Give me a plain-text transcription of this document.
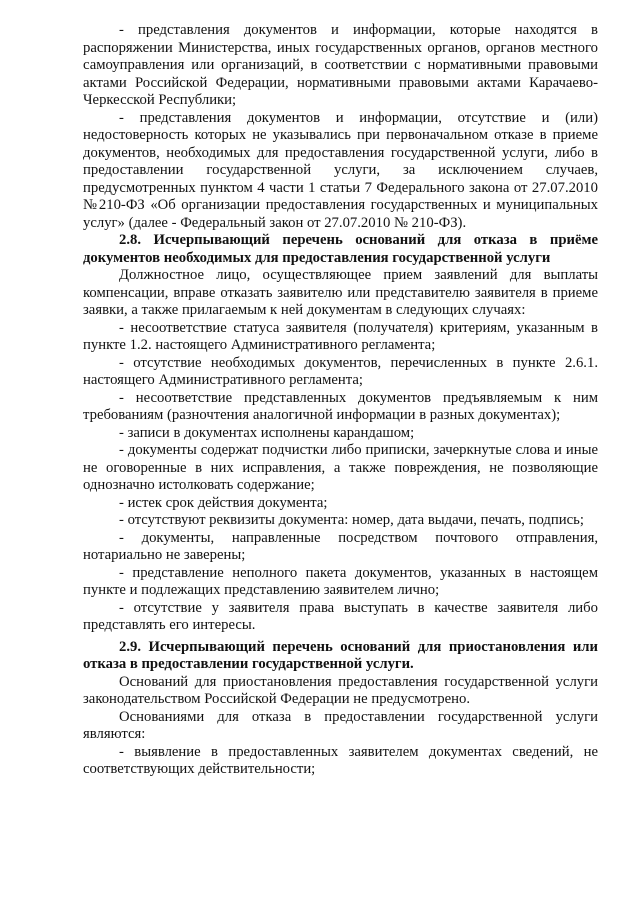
- представления документов и информации, которые находятся в распоряжении Министерства, иных государственных органов, органов местного самоуправления или организаций, в соответствии с нормативными правовыми актами Российской Федерации, нормативными правовыми актами Карачаево-Черкесской Республики;

- представления документов и информации, отсутствие и (или) недостоверность которых не указывались при первоначальном отказе в приеме документов, необходимых для предоставления государственной услуги, либо в предоставлении государственной услуги, за исключением случаев, предусмотренных пунктом 4 части 1 статьи 7 Федерального закона от 27.07.2010 №210-ФЗ «Об организации предоставления государственных и муниципальных услуг» (далее - Федеральный закон от 27.07.2010 № 210-ФЗ).

2.8. Исчерпывающий перечень оснований для отказа в приёме документов необходимых для предоставления государственной услуги

Должностное лицо, осуществляющее прием заявлений для выплаты компенсации, вправе отказать заявителю или представителю заявителя в приеме заявки, а также прилагаемым к ней документам в следующих случаях:

- несоответствие статуса заявителя (получателя) критериям, указанным в пункте 1.2. настоящего Административного регламента;

- отсутствие необходимых документов, перечисленных в пункте 2.6.1. настоящего Административного регламента;

- несоответствие представленных документов предъявляемым к ним требованиям (разночтения аналогичной информации в разных документах);

- записи в документах исполнены карандашом;

- документы содержат подчистки либо приписки, зачеркнутые слова и иные не оговоренные в них исправления, а также повреждения, не позволяющие однозначно истолковать содержание;

- истек срок действия документа;

- отсутствуют реквизиты документа: номер, дата выдачи, печать, подпись;

- документы, направленные посредством почтового отправления, нотариально не заверены;

- представление неполного пакета документов, указанных в настоящем пункте и подлежащих представлению заявителем лично;

- отсутствие у заявителя права выступать в качестве заявителя либо представлять его интересы.

2.9. Исчерпывающий перечень оснований для приостановления или отказа в предоставлении государственной услуги.

Оснований для приостановления предоставления государственной услуги законодательством Российской Федерации не предусмотрено.

Основаниями для отказа в предоставлении государственной услуги являются:

- выявление в предоставленных заявителем документах сведений, не соответствующих действительности;
